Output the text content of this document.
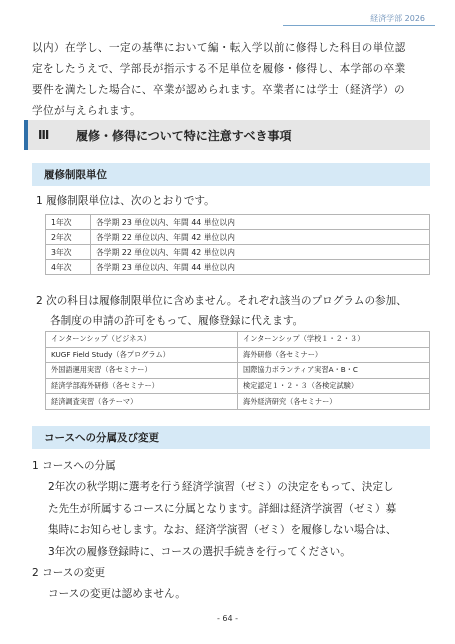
経済学部 2026

以内）在学し、一定の基準において編・転入学以前に修得した科目の単位認
定をしたうえで、学部長が指示する不足単位を履修・修得し、本学部の卒業
要件を満たした場合に、卒業が認められます。卒業者には学士（経済学）の
学位が与えられます。

Ⅲ	履修・修得について特に注意すべき事項
履修制限単位

1 履修制限単位は、次のとおりです。

1年次	各学期 23 単位以内、年間 44 単位以内
2年次	各学期 22 単位以内、年間 42 単位以内
3年次	各学期 22 単位以内、年間 42 単位以内
4年次	各学期 23 単位以内、年間 44 単位以内

2 次の科目は履修制限単位に含めません。それぞれ該当のプログラムの参加、

各制度の申請の許可をもって、履修登録に代えます。

インターンシップ（ビジネス）	インターンシップ（学校１・２・３）
KUGF Field Study（各プログラム）	海外研修（各セミナー）
外国語運用実習（各セミナー）	国際協力ボランティア実習A・B・C
経済学部海外研修（各セミナー）	検定認定１・２・３（各検定試験）
経済調査実習（各テーマ）	海外経済研究（各セミナー）
コースへの分属及び変更

1 コースへの分属
2年次の秋学期に選考を行う経済学演習（ゼミ）の決定をもって、決定し
た先生が所属するコースに分属となります。詳細は経済学演習（ゼミ）募
集時にお知らせします。なお、経済学演習（ゼミ）を履修しない場合は、
3年次の履修登録時に、コースの選択手続きを行ってください。
2 コースの変更
コースの変更は認めません。

- 64 -
